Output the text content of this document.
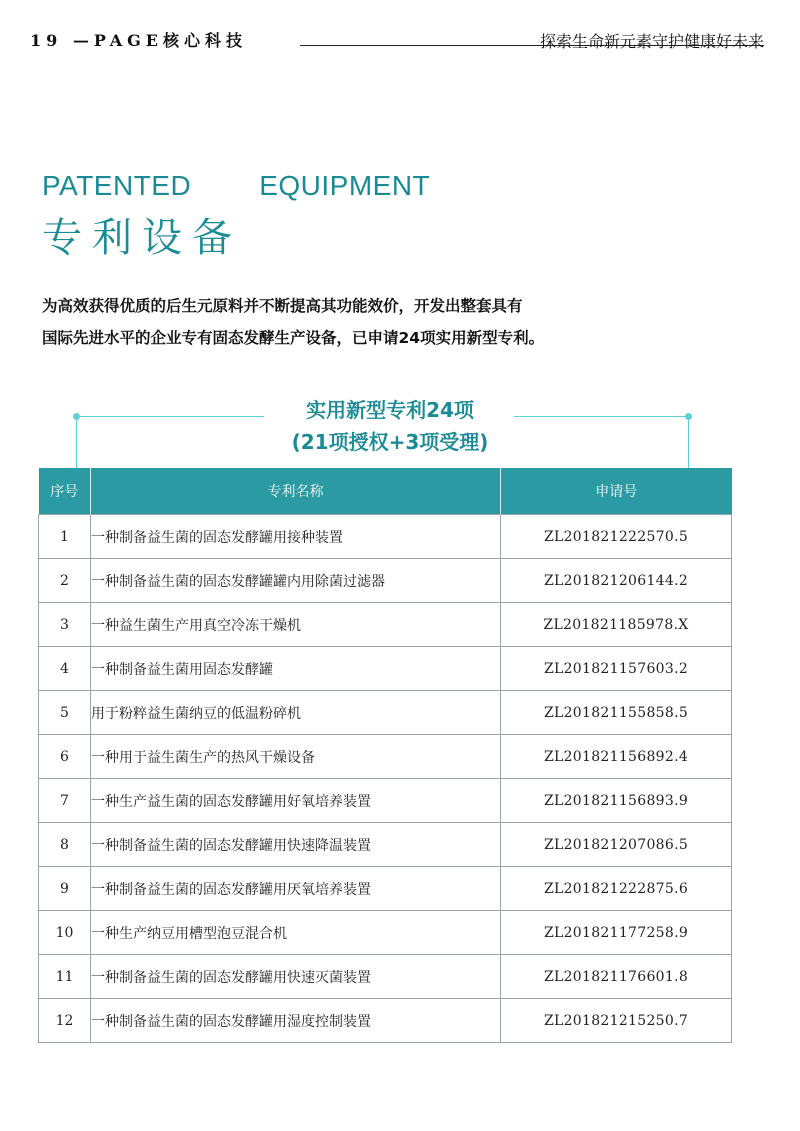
19 —PAGE核心科技	探索生命新元素守护健康好未来
PATENTED EQUIPMENT
专利设备

为高效获得优质的后生元原料并不断提高其功能效价，开发出整套具有

国际先进水平的企业专有固态发酵生产设备，已申请24项实用新型专利。

实用新型专利24项
(21项授权+3项受理)
序号	专利名称	申请号
1	一种制备益生菌的固态发酵罐用接种装置	ZL201821222570.5
2	一种制备益生菌的固态发酵罐罐内用除菌过滤器	ZL201821206144.2
3	一种益生菌生产用真空冷冻干燥机	ZL201821185978.X
4	一种制备益生菌用固态发酵罐	ZL201821157603.2
5	用于粉粹益生菌纳豆的低温粉碎机	ZL201821155858.5
6	一种用于益生菌生产的热风干燥设备	ZL201821156892.4
7	一种生产益生菌的固态发酵罐用好氧培养装置	ZL201821156893.9
8	一种制备益生菌的固态发酵罐用快速降温装置	ZL201821207086.5
9	一种制备益生菌的固态发酵罐用厌氧培养装置	ZL201821222875.6
10	一种生产纳豆用槽型泡豆混合机	ZL201821177258.9
11	一种制备益生菌的固态发酵罐用快速灭菌装置	ZL201821176601.8
12	一种制备益生菌的固态发酵罐用湿度控制装置	ZL201821215250.7
